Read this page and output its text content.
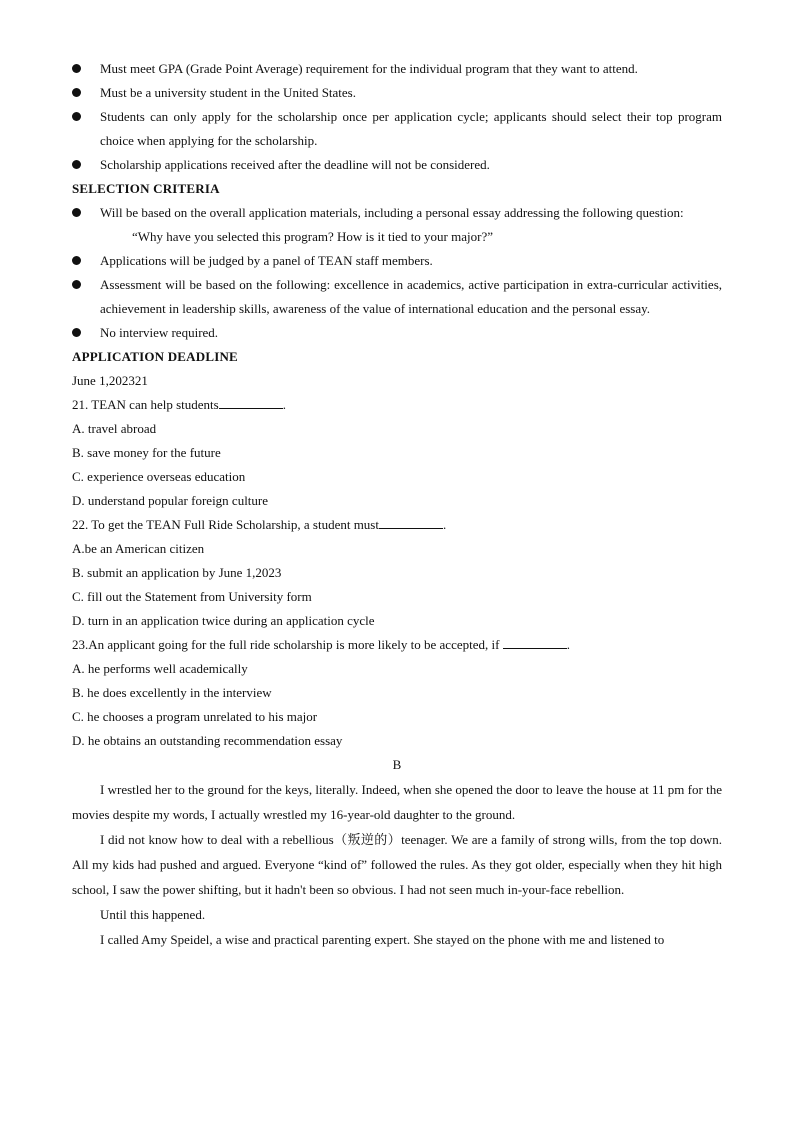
Must meet GPA (Grade Point Average) requirement for the individual program that they want to attend.
Must be a university student in the United States.
Students can only apply for the scholarship once per application cycle; applicants should select their top program choice when applying for the scholarship.
Scholarship applications received after the deadline will not be considered.
SELECTION CRITERIA
Will be based on the overall application materials, including a personal essay addressing the following question:
“Why have you selected this program? How is it tied to your major?”
Applications will be judged by a panel of TEAN staff members.
Assessment will be based on the following: excellence in academics, active participation in extra-curricular activities, achievement in leadership skills, awareness of the value of international education and the personal essay.
No interview required.
APPLICATION DEADLINE
June 1,202321
21. TEAN can help students	.
A. travel abroad
B. save money for the future
C. experience overseas education
D. understand popular foreign culture
22. To get the TEAN Full Ride Scholarship, a student must	.
A.be an American citizen
B. submit an application by June 1,2023
C. fill out the Statement from University form
D. turn in an application twice during an application cycle
23.An applicant going for the full ride scholarship is more likely to be accepted, if	.
A. he performs well academically
B. he does excellently in the interview
C. he chooses a program unrelated to his major
D. he obtains an outstanding recommendation essay
B
I wrestled her to the ground for the keys, literally. Indeed, when she opened the door to leave the house at 11 pm for the movies despite my words, I actually wrestled my 16-year-old daughter to the ground.
I did not know how to deal with a rebellious（叛逆的）teenager. We are a family of strong wills, from the top down. All my kids had pushed and argued. Everyone “kind of” followed the rules. As they got older, especially when they hit high school, I saw the power shifting, but it hadn't been so obvious. I had not seen much in-your-face rebellion.
Until this happened.
I called Amy Speidel, a wise and practical parenting expert. She stayed on the phone with me and listened to
